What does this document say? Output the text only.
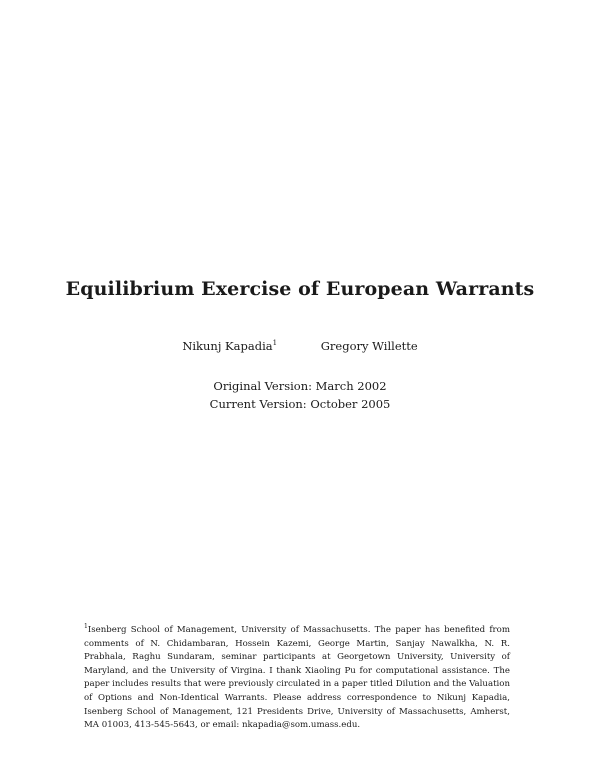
Equilibrium Exercise of European Warrants
Nikunj Kapadia$^1$	Gregory Willette
Original Version: March 2002
Current Version: October 2005
$^1$Isenberg School of Management, University of Massachusetts. The paper has benefited from comments of N. Chidambaran, Hossein Kazemi, George Martin, Sanjay Nawalkha, N. R. Prabhala, Raghu Sundaram, seminar participants at Georgetown University, University of Maryland, and the University of Virgina. I thank Xiaoling Pu for computational assistance. The paper includes results that were previously circulated in a paper titled Dilution and the Valuation of Options and Non-Identical Warrants. Please address correspondence to Nikunj Kapadia, Isenberg School of Management, 121 Presidents Drive, University of Massachusetts, Amherst, MA 01003, 413-545-5643, or email: nkapadia@som.umass.edu.
